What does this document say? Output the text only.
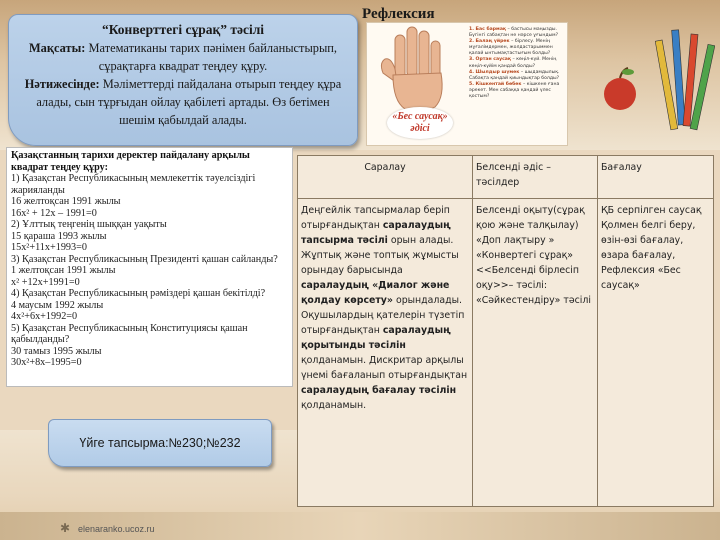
“Конверттегі сұрақ” тәсілі
Мақсаты: Математиканы тарих пәнімен байланыстырып, сұрақтарға квадрат теңдеу құру.
Нәтижесінде: Мәліметтерді пайдалана отырып теңдеу құра алады, сын тұрғыдан ойлау қабілеті артады. Өз бетімен шешім қабылдай алады.
Рефлексия
«Бес саусақ» әдісі
1. Бас бармақ – бастысы маңызды. Бүгінгі сабақтан не нәрсе ұғындым?
2. Балаң үйрек – бірлесу. Менің мұғалімдермен, жолдастарыммен қалай ынтымақтастығым болды?
3. Ортан саусақ – көңіл-күй. Менің көңіл-күйім қандай болды?
4. Шылдыр шүмек – шыдамдылық. Сабақта қандай қиындықтар болды?
5. Кішкентай бөбек – кішкене ғана әрекет. Мен сабаққа қандай үлес қостым?
Қазақстанның тарихи деректер пайдалану арқылы
квадрат теңдеу құру:
1) Қазақстан Республикасының мемлекеттік тәуелсіздігі
жарияланды
16 желтоқсан 1991 жылы
16х² + 12х – 1991=0
2) Ұлттық теңгенің шыққан уақыты
15 қараша 1993 жылы
15х²+11х+1993=0
3) Қазақстан Республикасының Президенті қашан сайланды?
1 желтоқсан 1991 жылы
х² +12х+1991=0
4) Қазақстан Республикасының рәміздері қашан бекітілді?
4 маусым 1992 жылы
4х²+6х+1992=0
5) Қазақстан Республикасының Конституциясы қашан
қабылданды?
30 тамыз 1995 жылы
30х²+8х–1995=0
Үйге тапсырма:№230;№232
Саралау	Белсенді әдіс – тәсілдер	Бағалау
Деңгейлік тапсырмалар беріп отырғандықтан саралаудың тапсырма тәсілі орын алады. Жұптық және топтық жұмысты орындау барысында саралаудың «Диалог және қолдау көрсету» орындалады. Оқушылардың қателерін түзетіп отырғандықтан саралаудың қорытынды тәсілін қолданамын. Дискритар арқылы үнемі бағаланып отырғандықтан саралаудың бағалау тәсілін қолданамын.	Белсенді оқыту(сұрақ қою және талқылау) «Доп лақтыру » «Конвертегі сұрақ» <<Белсенді бірлесіп оқу>>– тәсілі: «Сәйкестендіру» тәсілі	ҚБ серпілген саусақ Қолмен белгі беру, өзін-өзі бағалау, өзара бағалау, Рефлексия «Бес саусақ»
✱ elenaranko.ucoz.ru
